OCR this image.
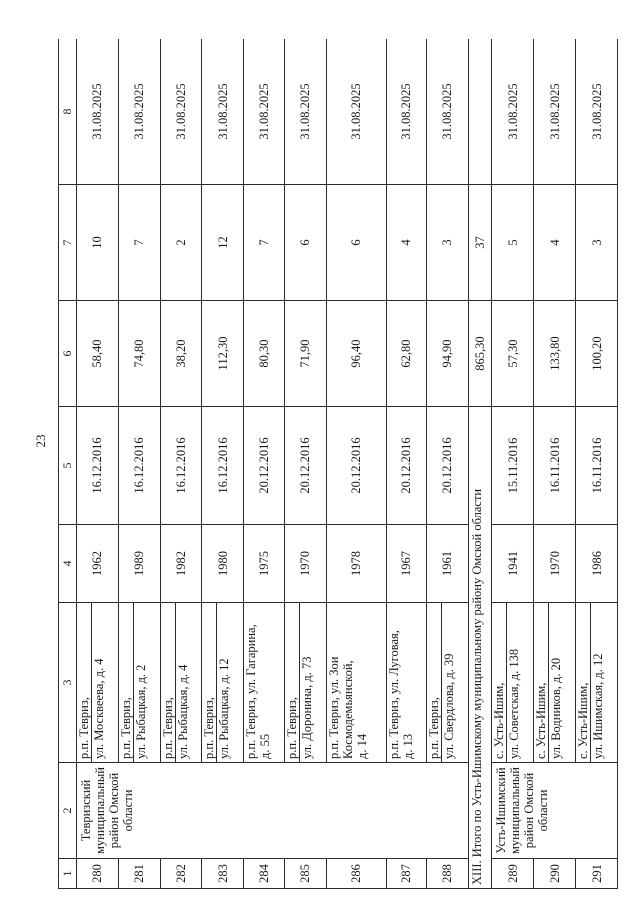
23
1	2	3	4	5	6	7	8
280	Тевризский муниципальный район Омской области	р.п. Тевриз, ул. Москвеева, д. 4	1962	16.12.2016	58,40	10	31.08.2025
281		р.п. Тевриз, ул. Рыбацкая, д. 2	1989	16.12.2016	74,80	7	31.08.2025
282		р.п. Тевриз, ул. Рыбацкая, д. 4	1982	16.12.2016	38,20	2	31.08.2025
283		р.п. Тевриз, ул. Рыбацкая, д. 12	1980	16.12.2016	112,30	12	31.08.2025
284		р.п. Тевриз, ул. Гагарина, д. 55	1975	20.12.2016	80,30	7	31.08.2025
285		р.п. Тевриз, ул. Доронина, д. 73	1970	20.12.2016	71,90	6	31.08.2025
286		р.п. Тевриз, ул. Зои Космодемьянской, д. 14	1978	20.12.2016	96,40	6	31.08.2025
287		р.п. Тевриз, ул. Луговая, д. 13	1967	20.12.2016	62,80	4	31.08.2025
288		р.п. Тевриз, ул. Свердлова, д. 39	1961	20.12.2016	94,90	3	31.08.2025
XIII. Итого по Усть-Ишимскому муниципальному району Омской области					865,30	37	
289	Усть-Ишимский муниципальный район Омской области	с. Усть-Ишим, ул. Советская, д. 138	1941	15.11.2016	57,30	5	31.08.2025
290		с. Усть-Ишим, ул. Водников, д. 20	1970	16.11.2016	133,80	4	31.08.2025
291		с. Усть-Ишим, ул. Ишимская, д. 12	1986	16.11.2016	100,20	3	31.08.2025
